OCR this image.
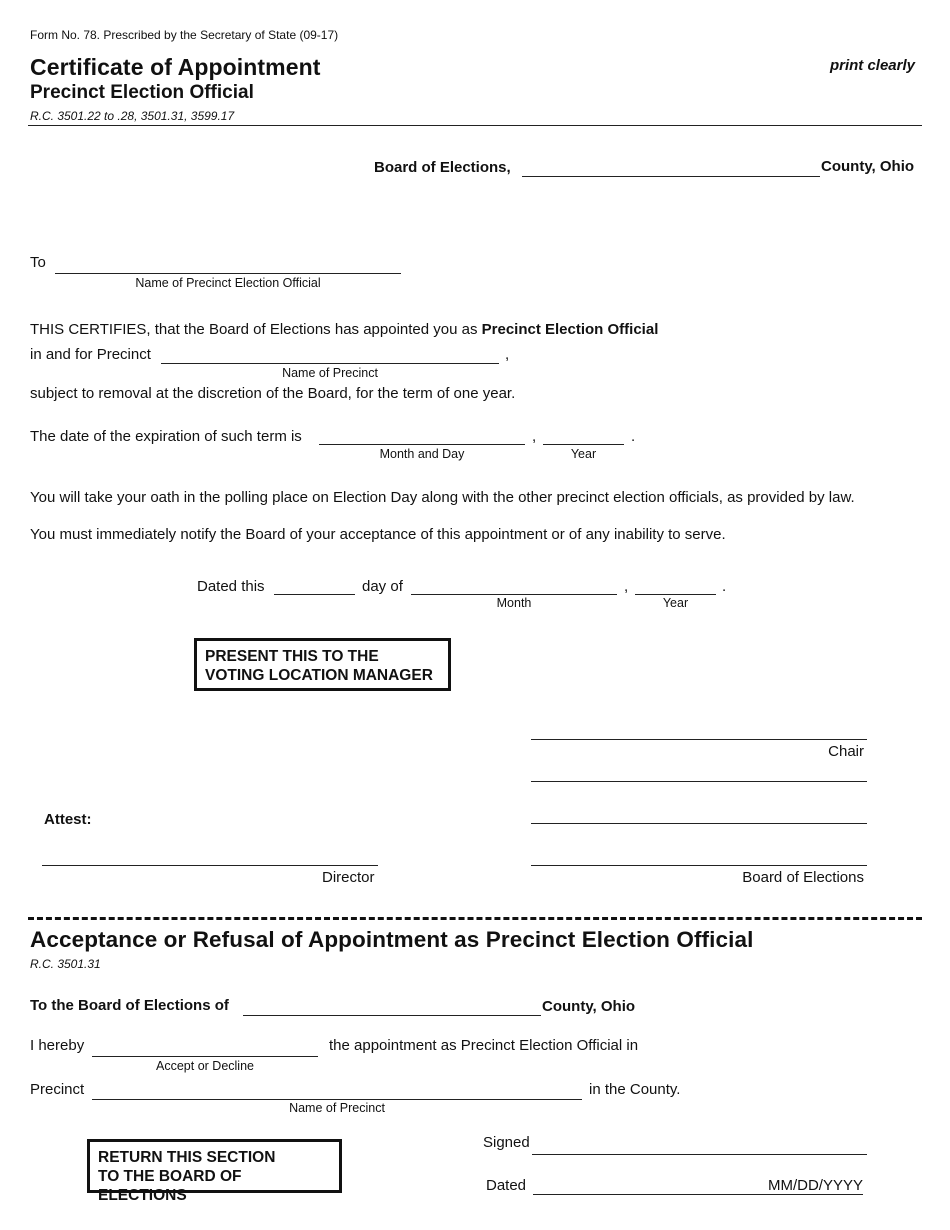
Form No. 78. Prescribed by the Secretary of State (09-17)
Certificate of Appointment
Precinct Election Official
R.C. 3501.22 to .28, 3501.31, 3599.17
print clearly
Board of Elections,	County, Ohio
To
Name of Precinct Election Official
THIS CERTIFIES, that the Board of Elections has appointed you as Precinct Election Official
in and for Precinct	,
Name of Precinct
subject to removal at the discretion of the Board, for the term of one year.
The date of the expiration of such term is	,	.
Month and Day	Year
You will take your oath in the polling place on Election Day along with the other precinct election officials, as provided by law.
You must immediately notify the Board of your acceptance of this appointment or of any inability to serve.
Dated this	day of	,	.
Month	Year
PRESENT THIS TO THE
VOTING LOCATION MANAGER
Chair
Attest:
Director	Board of Elections
Acceptance or Refusal of Appointment as Precinct Election Official
R.C. 3501.31
To the Board of Elections of	County, Ohio
I hereby	the appointment as Precinct Election Official in
Accept or Decline
Precinct	in the County.
Name of Precinct
RETURN THIS SECTION
TO THE BOARD OF ELECTIONS
Signed
Dated	MM/DD/YYYY
